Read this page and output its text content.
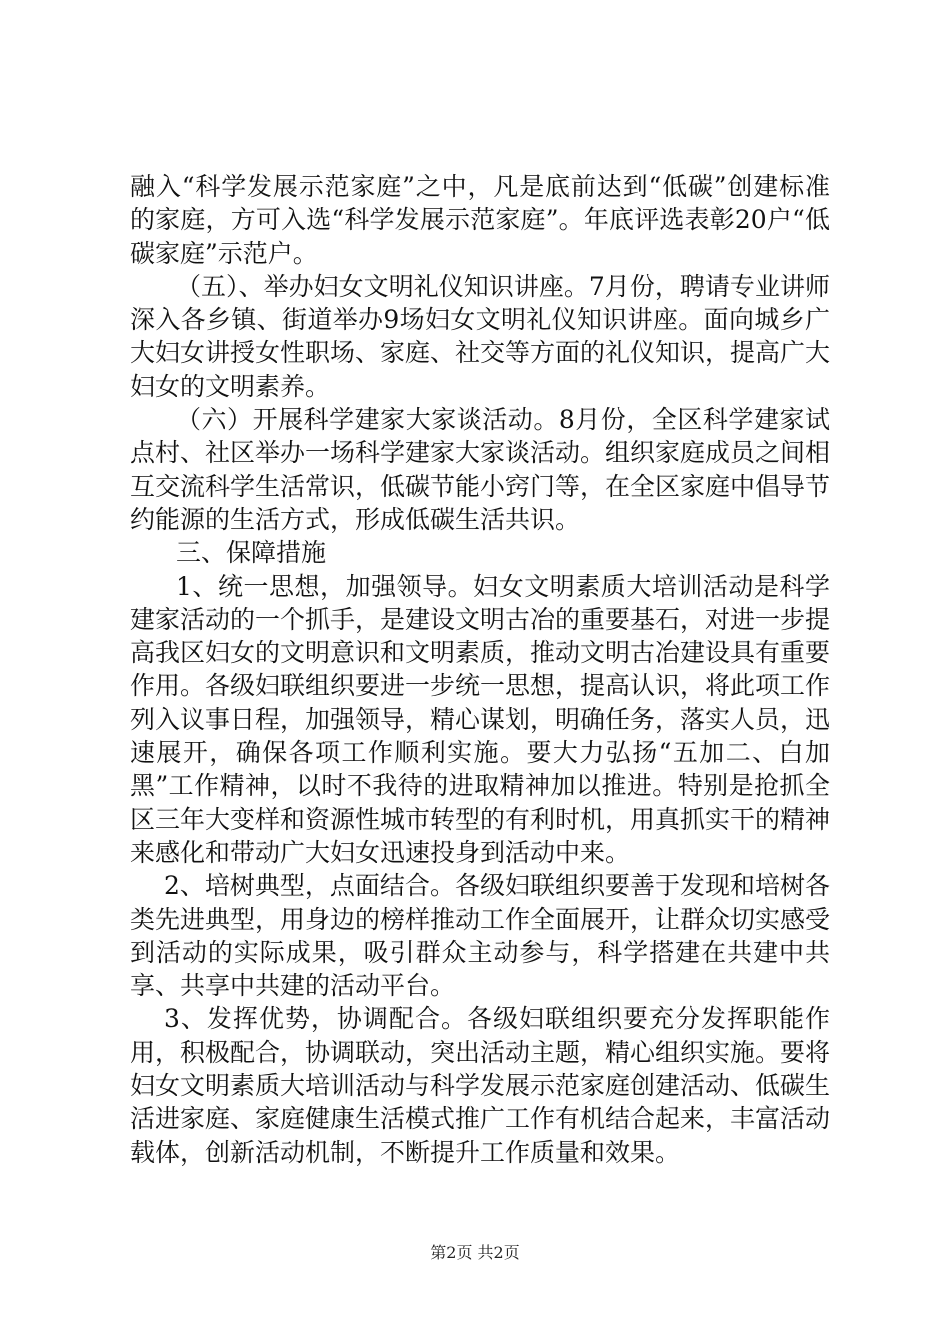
融入“科学发展示范家庭”之中，凡是底前达到“低碳”创建标准的家庭，方可入选“科学发展示范家庭”。年底评选表彰20户“低碳家庭”示范户。

（五）、举办妇女文明礼仪知识讲座。7月份，聘请专业讲师深入各乡镇、街道举办9场妇女文明礼仪知识讲座。面向城乡广大妇女讲授女性职场、家庭、社交等方面的礼仪知识，提高广大妇女的文明素养。

（六）开展科学建家大家谈活动。8月份，全区科学建家试点村、社区举办一场科学建家大家谈活动。组织家庭成员之间相互交流科学生活常识，低碳节能小窍门等，在全区家庭中倡导节约能源的生活方式，形成低碳生活共识。

三、保障措施

1、统一思想，加强领导。妇女文明素质大培训活动是科学建家活动的一个抓手，是建设文明古冶的重要基石，对进一步提高我区妇女的文明意识和文明素质，推动文明古冶建设具有重要作用。各级妇联组织要进一步统一思想，提高认识，将此项工作列入议事日程，加强领导，精心谋划，明确任务，落实人员，迅速展开，确保各项工作顺利实施。要大力弘扬“五加二、白加黑”工作精神，以时不我待的进取精神加以推进。特别是抢抓全区三年大变样和资源性城市转型的有利时机，用真抓实干的精神来感化和带动广大妇女迅速投身到活动中来。

2、培树典型，点面结合。各级妇联组织要善于发现和培树各类先进典型，用身边的榜样推动工作全面展开，让群众切实感受到活动的实际成果，吸引群众主动参与，科学搭建在共建中共享、共享中共建的活动平台。

3、发挥优势，协调配合。各级妇联组织要充分发挥职能作用，积极配合，协调联动，突出活动主题，精心组织实施。要将妇女文明素质大培训活动与科学发展示范家庭创建活动、低碳生活进家庭、家庭健康生活模式推广工作有机结合起来，丰富活动载体，创新活动机制，不断提升工作质量和效果。

第2页 共2页
